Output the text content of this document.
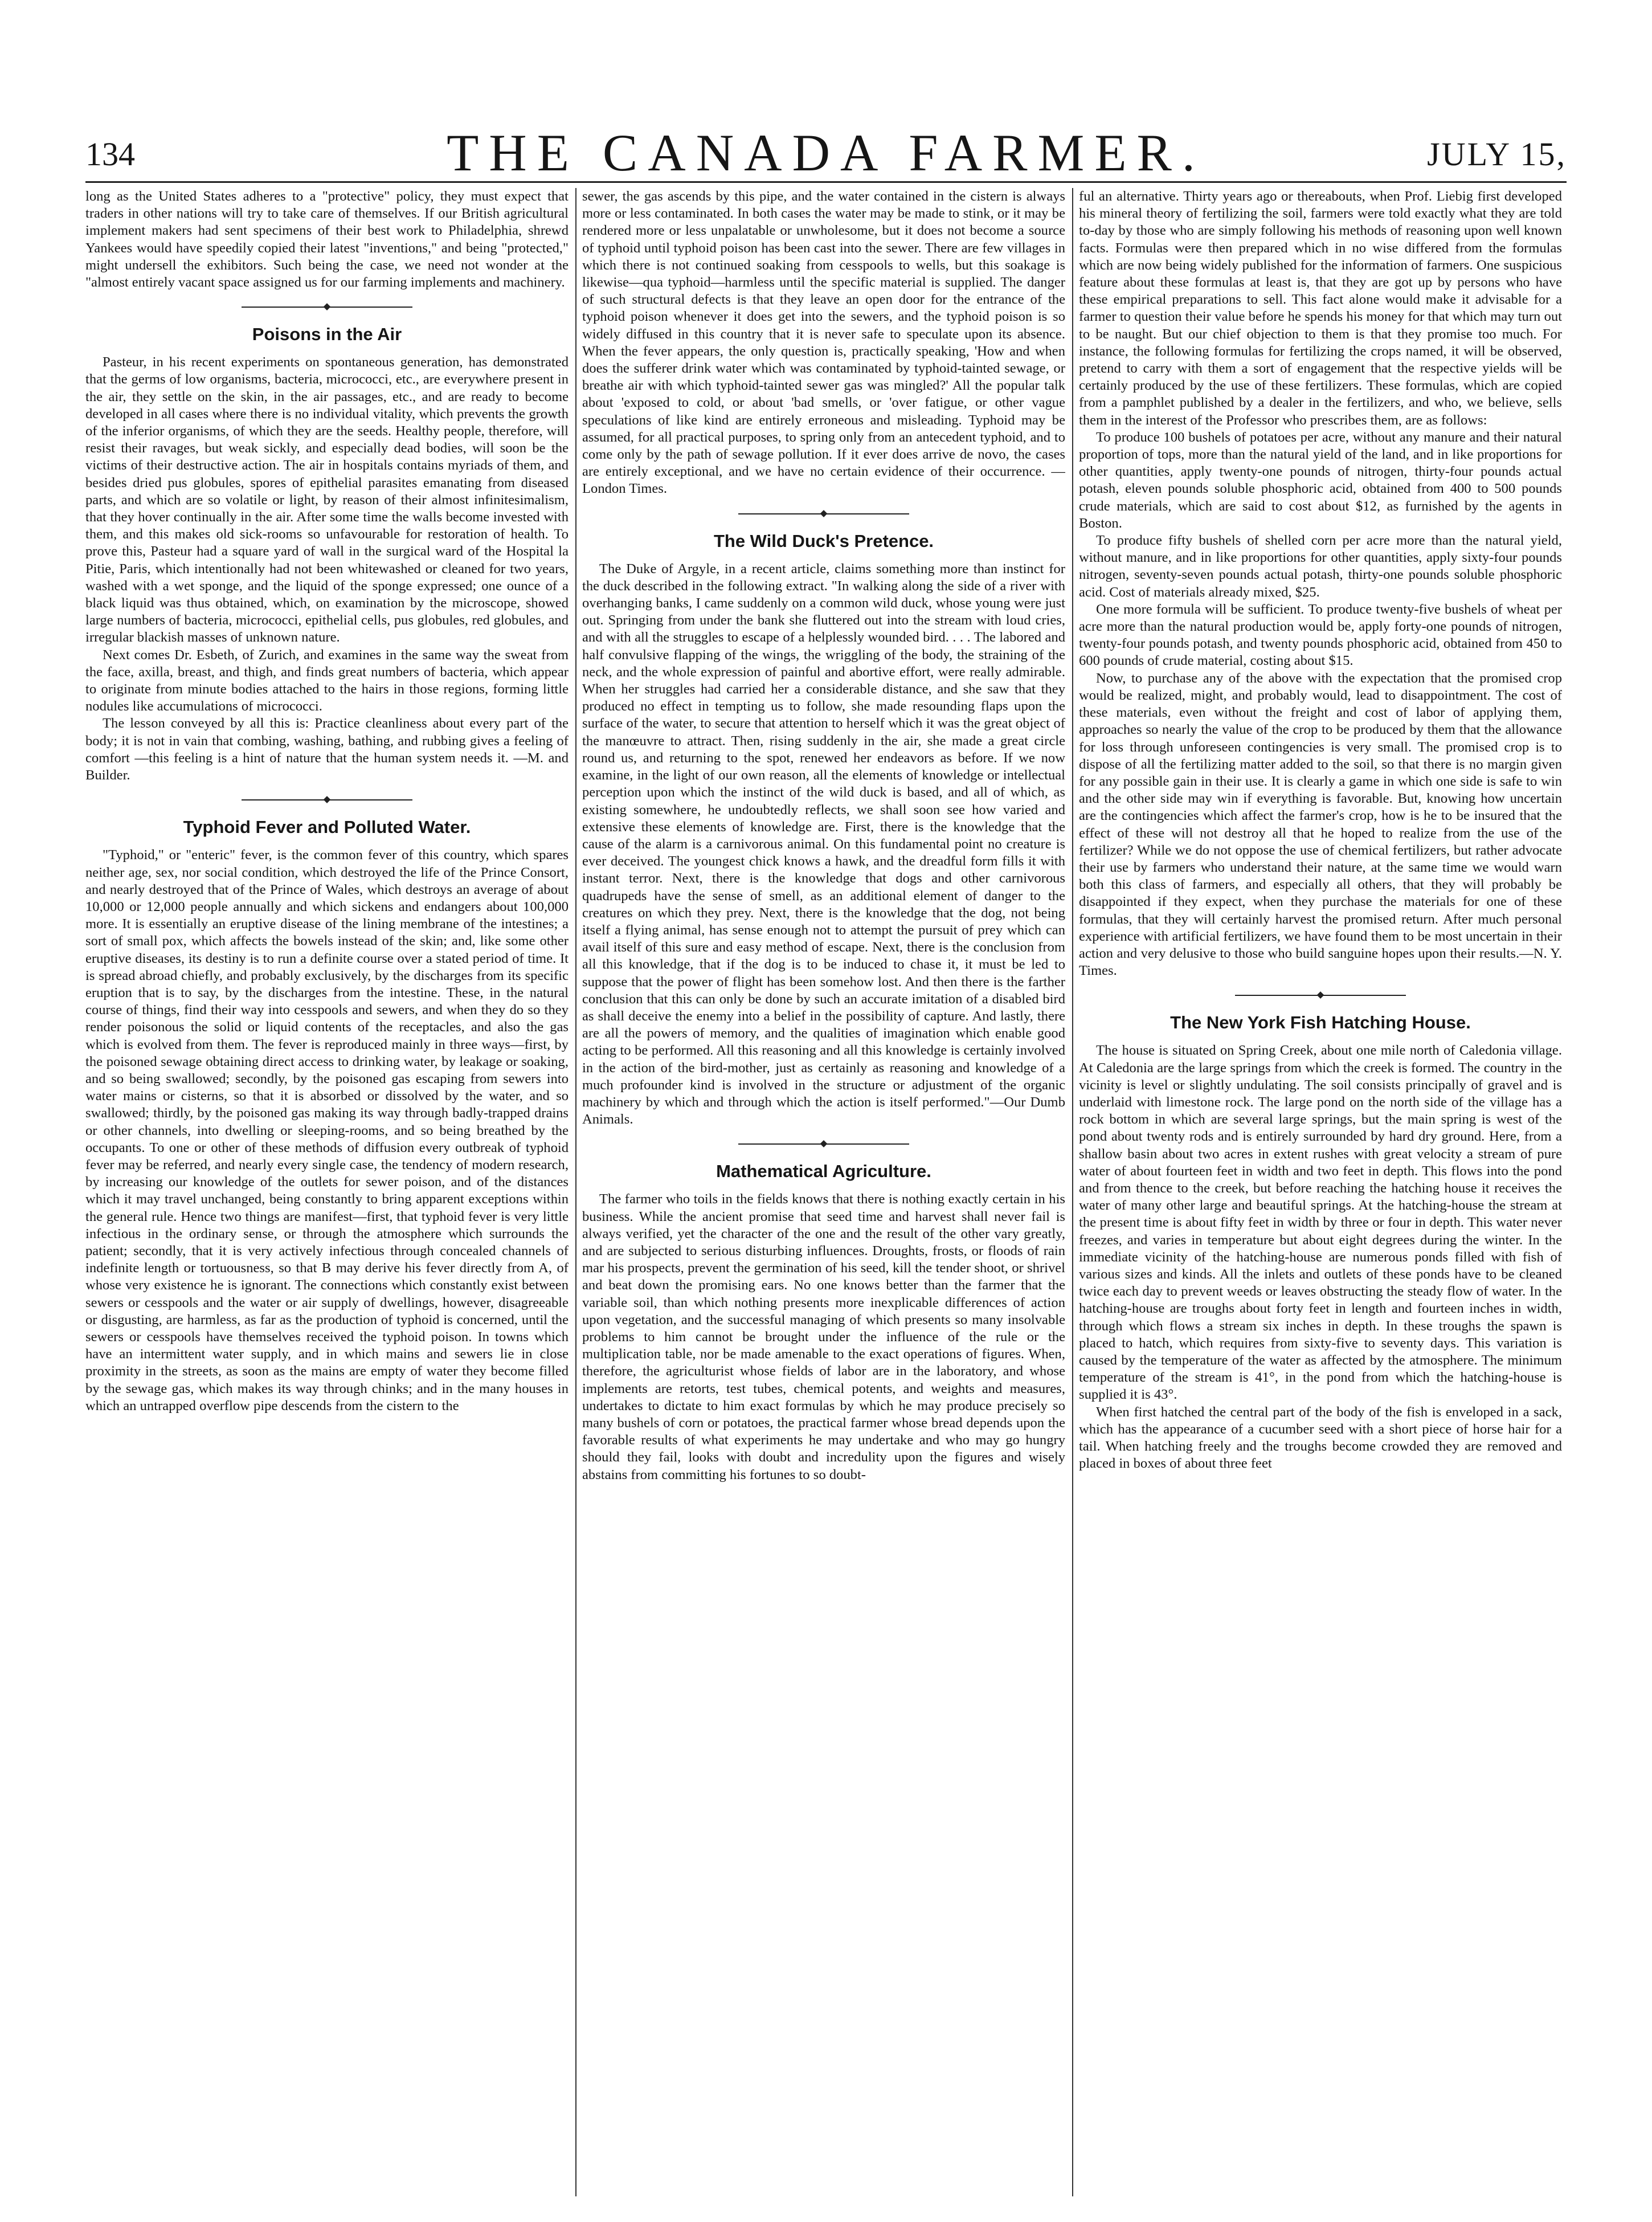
134	THE CANADA FARMER.	JULY 15,

long as the United States adheres to a "protective" policy, they must expect that traders in other nations will try to take care of themselves. If our British agricultural implement makers had sent specimens of their best work to Philadelphia, shrewd Yankees would have speedily copied their latest "inventions," and being "protected," might undersell the exhibitors. Such being the case, we need not wonder at the "almost entirely vacant space assigned us for our farming implements and machinery.

Poisons in the Air

Pasteur, in his recent experiments on spontaneous generation, has demonstrated that the germs of low organisms, bacteria, micrococci, etc., are everywhere present in the air, they settle on the skin, in the air passages, etc., and are ready to become developed in all cases where there is no individual vitality, which prevents the growth of the inferior organisms, of which they are the seeds. Healthy people, therefore, will resist their ravages, but weak sickly, and especially dead bodies, will soon be the victims of their destructive action. The air in hospitals contains myriads of them, and besides dried pus globules, spores of epithelial parasites emanating from diseased parts, and which are so volatile or light, by reason of their almost infinitesimalism, that they hover continually in the air. After some time the walls become invested with them, and this makes old sick-rooms so unfavourable for restoration of health. To prove this, Pasteur had a square yard of wall in the surgical ward of the Hospital la Pitie, Paris, which intentionally had not been whitewashed or cleaned for two years, washed with a wet sponge, and the liquid of the sponge expressed; one ounce of a black liquid was thus obtained, which, on examination by the microscope, showed large numbers of bacteria, micrococci, epithelial cells, pus globules, red globules, and irregular blackish masses of unknown nature.

Next comes Dr. Esbeth, of Zurich, and examines in the same way the sweat from the face, axilla, breast, and thigh, and finds great numbers of bacteria, which appear to originate from minute bodies attached to the hairs in those regions, forming little nodules like accumulations of micrococci.

The lesson conveyed by all this is: Practice cleanliness about every part of the body; it is not in vain that combing, washing, bathing, and rubbing gives a feeling of comfort —this feeling is a hint of nature that the human system needs it. —M. and Builder.

Typhoid Fever and Polluted Water.

"Typhoid," or "enteric" fever, is the common fever of this country, which spares neither age, sex, nor social condition, which destroyed the life of the Prince Consort, and nearly destroyed that of the Prince of Wales, which destroys an average of about 10,000 or 12,000 people annually and which sickens and endangers about 100,000 more. It is essentially an eruptive disease of the lining membrane of the intestines; a sort of small pox, which affects the bowels instead of the skin; and, like some other eruptive diseases, its destiny is to run a definite course over a stated period of time. It is spread abroad chiefly, and probably exclusively, by the discharges from its specific eruption that is to say, by the discharges from the intestine. These, in the natural course of things, find their way into cesspools and sewers, and when they do so they render poisonous the solid or liquid contents of the receptacles, and also the gas which is evolved from them. The fever is reproduced mainly in three ways—first, by the poisoned sewage obtaining direct access to drinking water, by leakage or soaking, and so being swallowed; secondly, by the poisoned gas escaping from sewers into water mains or cisterns, so that it is absorbed or dissolved by the water, and so swallowed; thirdly, by the poisoned gas making its way through badly-trapped drains or other channels, into dwelling or sleeping-rooms, and so being breathed by the occupants. To one or other of these methods of diffusion every outbreak of typhoid fever may be referred, and nearly every single case, the tendency of modern research, by increasing our knowledge of the outlets for sewer poison, and of the distances which it may travel unchanged, being constantly to bring apparent exceptions within the general rule. Hence two things are manifest—first, that typhoid fever is very little infectious in the ordinary sense, or through the atmosphere which surrounds the patient; secondly, that it is very actively infectious through concealed channels of indefinite length or tortuousness, so that B may derive his fever directly from A, of whose very existence he is ignorant. The connections which constantly exist between sewers or cesspools and the water or air supply of dwellings, however, disagreeable or disgusting, are harmless, as far as the production of typhoid is concerned, until the sewers or cesspools have themselves received the typhoid poison. In towns which have an intermittent water supply, and in which mains and sewers lie in close proximity in the streets, as soon as the mains are empty of water they become filled by the sewage gas, which makes its way through chinks; and in the many houses in which an untrapped overflow pipe descends from the cistern to the

sewer, the gas ascends by this pipe, and the water contained in the cistern is always more or less contaminated. In both cases the water may be made to stink, or it may be rendered more or less unpalatable or unwholesome, but it does not become a source of typhoid until typhoid poison has been cast into the sewer. There are few villages in which there is not continued soaking from cesspools to wells, but this soakage is likewise—qua typhoid—harmless until the specific material is supplied. The danger of such structural defects is that they leave an open door for the entrance of the typhoid poison whenever it does get into the sewers, and the typhoid poison is so widely diffused in this country that it is never safe to speculate upon its absence. When the fever appears, the only question is, practically speaking, 'How and when does the sufferer drink water which was contaminated by typhoid-tainted sewage, or breathe air with which typhoid-tainted sewer gas was mingled?' All the popular talk about 'exposed to cold, or about 'bad smells, or 'over fatigue, or other vague speculations of like kind are entirely erroneous and misleading. Typhoid may be assumed, for all practical purposes, to spring only from an antecedent typhoid, and to come only by the path of sewage pollution. If it ever does arrive de novo, the cases are entirely exceptional, and we have no certain evidence of their occurrence. —London Times.

The Wild Duck's Pretence.

The Duke of Argyle, in a recent article, claims something more than instinct for the duck described in the following extract. "In walking along the side of a river with overhanging banks, I came suddenly on a common wild duck, whose young were just out. Springing from under the bank she fluttered out into the stream with loud cries, and with all the struggles to escape of a helplessly wounded bird. . . . The labored and half convulsive flapping of the wings, the wriggling of the body, the straining of the neck, and the whole expression of painful and abortive effort, were really admirable. When her struggles had carried her a considerable distance, and she saw that they produced no effect in tempting us to follow, she made resounding flaps upon the surface of the water, to secure that attention to herself which it was the great object of the manœuvre to attract. Then, rising suddenly in the air, she made a great circle round us, and returning to the spot, renewed her endeavors as before. If we now examine, in the light of our own reason, all the elements of knowledge or intellectual perception upon which the instinct of the wild duck is based, and all of which, as existing somewhere, he undoubtedly reflects, we shall soon see how varied and extensive these elements of knowledge are. First, there is the knowledge that the cause of the alarm is a carnivorous animal. On this fundamental point no creature is ever deceived. The youngest chick knows a hawk, and the dreadful form fills it with instant terror. Next, there is the knowledge that dogs and other carnivorous quadrupeds have the sense of smell, as an additional element of danger to the creatures on which they prey. Next, there is the knowledge that the dog, not being itself a flying animal, has sense enough not to attempt the pursuit of prey which can avail itself of this sure and easy method of escape. Next, there is the conclusion from all this knowledge, that if the dog is to be induced to chase it, it must be led to suppose that the power of flight has been somehow lost. And then there is the farther conclusion that this can only be done by such an accurate imitation of a disabled bird as shall deceive the enemy into a belief in the possibility of capture. And lastly, there are all the powers of memory, and the qualities of imagination which enable good acting to be performed. All this reasoning and all this knowledge is certainly involved in the action of the bird-mother, just as certainly as reasoning and knowledge of a much profounder kind is involved in the structure or adjustment of the organic machinery by which and through which the action is itself performed."—Our Dumb Animals.

Mathematical Agriculture.

The farmer who toils in the fields knows that there is nothing exactly certain in his business. While the ancient promise that seed time and harvest shall never fail is always verified, yet the character of the one and the result of the other vary greatly, and are subjected to serious disturbing influences. Droughts, frosts, or floods of rain mar his prospects, prevent the germination of his seed, kill the tender shoot, or shrivel and beat down the promising ears. No one knows better than the farmer that the variable soil, than which nothing presents more inexplicable differences of action upon vegetation, and the successful managing of which presents so many insolvable problems to him cannot be brought under the influence of the rule or the multiplication table, nor be made amenable to the exact operations of figures. When, therefore, the agriculturist whose fields of labor are in the laboratory, and whose implements are retorts, test tubes, chemical potents, and weights and measures, undertakes to dictate to him exact formulas by which he may produce precisely so many bushels of corn or potatoes, the practical farmer whose bread depends upon the favorable results of what experiments he may undertake and who may go hungry should they fail, looks with doubt and incredulity upon the figures and wisely abstains from committing his fortunes to so doubt-

ful an alternative. Thirty years ago or thereabouts, when Prof. Liebig first developed his mineral theory of fertilizing the soil, farmers were told exactly what they are told to-day by those who are simply following his methods of reasoning upon well known facts. Formulas were then prepared which in no wise differed from the formulas which are now being widely published for the information of farmers. One suspicious feature about these formulas at least is, that they are got up by persons who have these empirical preparations to sell. This fact alone would make it advisable for a farmer to question their value before he spends his money for that which may turn out to be naught. But our chief objection to them is that they promise too much. For instance, the following formulas for fertilizing the crops named, it will be observed, pretend to carry with them a sort of engagement that the respective yields will be certainly produced by the use of these fertilizers. These formulas, which are copied from a pamphlet published by a dealer in the fertilizers, and who, we believe, sells them in the interest of the Professor who prescribes them, are as follows:

To produce 100 bushels of potatoes per acre, without any manure and their natural proportion of tops, more than the natural yield of the land, and in like proportions for other quantities, apply twenty-one pounds of nitrogen, thirty-four pounds actual potash, eleven pounds soluble phosphoric acid, obtained from 400 to 500 pounds crude materials, which are said to cost about $12, as furnished by the agents in Boston.

To produce fifty bushels of shelled corn per acre more than the natural yield, without manure, and in like proportions for other quantities, apply sixty-four pounds nitrogen, seventy-seven pounds actual potash, thirty-one pounds soluble phosphoric acid. Cost of materials already mixed, $25.

One more formula will be sufficient. To produce twenty-five bushels of wheat per acre more than the natural production would be, apply forty-one pounds of nitrogen, twenty-four pounds potash, and twenty pounds phosphoric acid, obtained from 450 to 600 pounds of crude material, costing about $15.

Now, to purchase any of the above with the expectation that the promised crop would be realized, might, and probably would, lead to disappointment. The cost of these materials, even without the freight and cost of labor of applying them, approaches so nearly the value of the crop to be produced by them that the allowance for loss through unforeseen contingencies is very small. The promised crop is to dispose of all the fertilizing matter added to the soil, so that there is no margin given for any possible gain in their use. It is clearly a game in which one side is safe to win and the other side may win if everything is favorable. But, knowing how uncertain are the contingencies which affect the farmer's crop, how is he to be insured that the effect of these will not destroy all that he hoped to realize from the use of the fertilizer? While we do not oppose the use of chemical fertilizers, but rather advocate their use by farmers who understand their nature, at the same time we would warn both this class of farmers, and especially all others, that they will probably be disappointed if they expect, when they purchase the materials for one of these formulas, that they will certainly harvest the promised return. After much personal experience with artificial fertilizers, we have found them to be most uncertain in their action and very delusive to those who build sanguine hopes upon their results.—N. Y. Times.

The New York Fish Hatching House.

The house is situated on Spring Creek, about one mile north of Caledonia village. At Caledonia are the large springs from which the creek is formed. The country in the vicinity is level or slightly undulating. The soil consists principally of gravel and is underlaid with limestone rock. The large pond on the north side of the village has a rock bottom in which are several large springs, but the main spring is west of the pond about twenty rods and is entirely surrounded by hard dry ground. Here, from a shallow basin about two acres in extent rushes with great velocity a stream of pure water of about fourteen feet in width and two feet in depth. This flows into the pond and from thence to the creek, but before reaching the hatching house it receives the water of many other large and beautiful springs. At the hatching-house the stream at the present time is about fifty feet in width by three or four in depth. This water never freezes, and varies in temperature but about eight degrees during the winter. In the immediate vicinity of the hatching-house are numerous ponds filled with fish of various sizes and kinds. All the inlets and outlets of these ponds have to be cleaned twice each day to prevent weeds or leaves obstructing the steady flow of water. In the hatching-house are troughs about forty feet in length and fourteen inches in width, through which flows a stream six inches in depth. In these troughs the spawn is placed to hatch, which requires from sixty-five to seventy days. This variation is caused by the temperature of the water as affected by the atmosphere. The minimum temperature of the stream is 41°, in the pond from which the hatching-house is supplied it is 43°.

When first hatched the central part of the body of the fish is enveloped in a sack, which has the appearance of a cucumber seed with a short piece of horse hair for a tail. When hatching freely and the troughs become crowded they are removed and placed in boxes of about three feet
